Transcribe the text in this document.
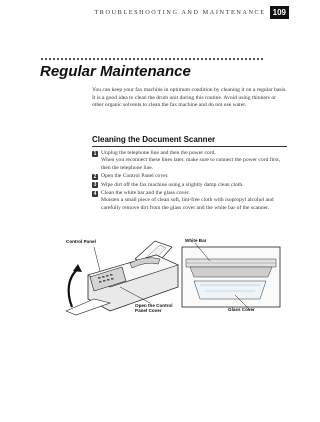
TROUBLESHOOTING AND MAINTENANCE 109
Regular Maintenance

You can keep your fax machine in optimum condition by cleaning it on a regular basis. It is a good idea to clean the drum unit during this routine. Avoid using thinners or other organic solvents to clean the fax machine and do not use water.

Cleaning the Document Scanner
1 Unplug the telephone line and then the power cord.
When you reconnect these lines later, make sure to connect the power cord first, then the telephone line.
2 Open the Control Panel cover.
3 Wipe dirt off the fax machine using a slightly damp clean cloth.
4 Clean the white bar and the glass cover.
Moisten a small piece of clean soft, lint-free cloth with isopropyl alcohol and carefully remove dirt from the glass cover and the white bar of the scanner.
Control Panel	White Bar
Open the Control Panel Cover	Glass Cover
